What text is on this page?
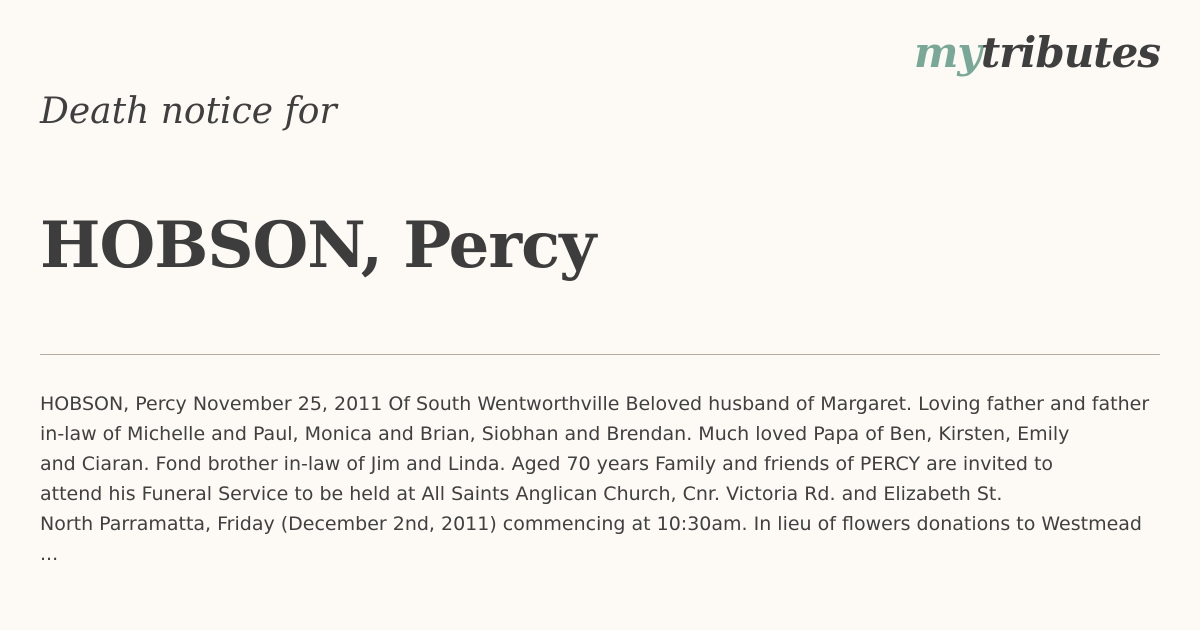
mytributes
Death notice for
HOBSON, Percy

HOBSON, Percy November 25, 2011 Of South Wentworthville Beloved husband of Margaret. Loving father and father
in-law of Michelle and Paul, Monica and Brian, Siobhan and Brendan. Much loved Papa of Ben, Kirsten, Emily
and Ciaran. Fond brother in-law of Jim and Linda. Aged 70 years Family and friends of PERCY are invited to
attend his Funeral Service to be held at All Saints Anglican Church, Cnr. Victoria Rd. and Elizabeth St.
North Parramatta, Friday (December 2nd, 2011) commencing at 10:30am. In lieu of flowers donations to Westmead
...
